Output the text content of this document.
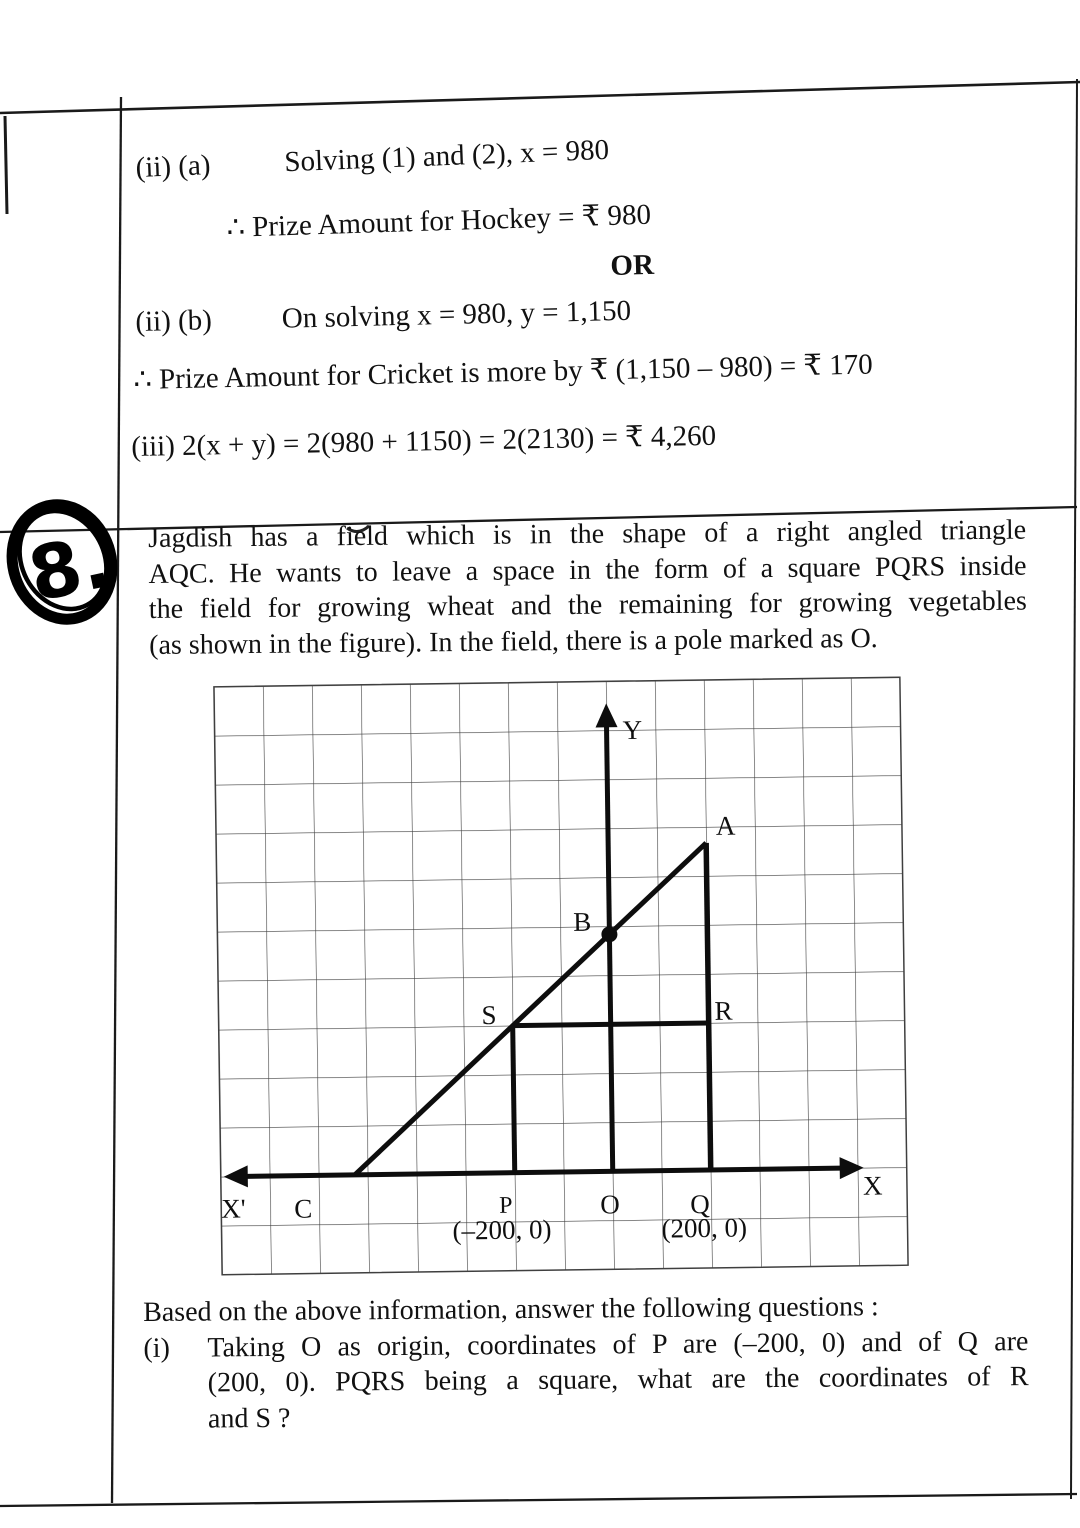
8.
Y
A
B
S	R
X' C	P
(–200, 0)
O	Q
(200, 0)
X
(ii) (a)	Solving (1) and (2), x = 980
∴ Prize Amount for Hockey = ₹ 980
OR
(ii) (b) On solving x = 980, y = 1,150
∴ Prize Amount for Cricket is more by ₹ (1,150 – 980) = ₹ 170
(iii) 2(x + y) = 2(980 + 1150) = 2(2130) = ₹ 4,260
Jagdish has a field which is in the shape of a right angled triangle
AQC. He wants to leave a space in the form of a square PQRS inside
the field for growing wheat and the remaining for growing vegetables
(as shown in the figure). In the field, there is a pole marked as O.
Based on the above information, answer the following questions :
(i) Taking O as origin, coordinates of P are (–200, 0) and of Q are
(200, 0). PQRS being a square, what are the coordinates of R
and S ?
